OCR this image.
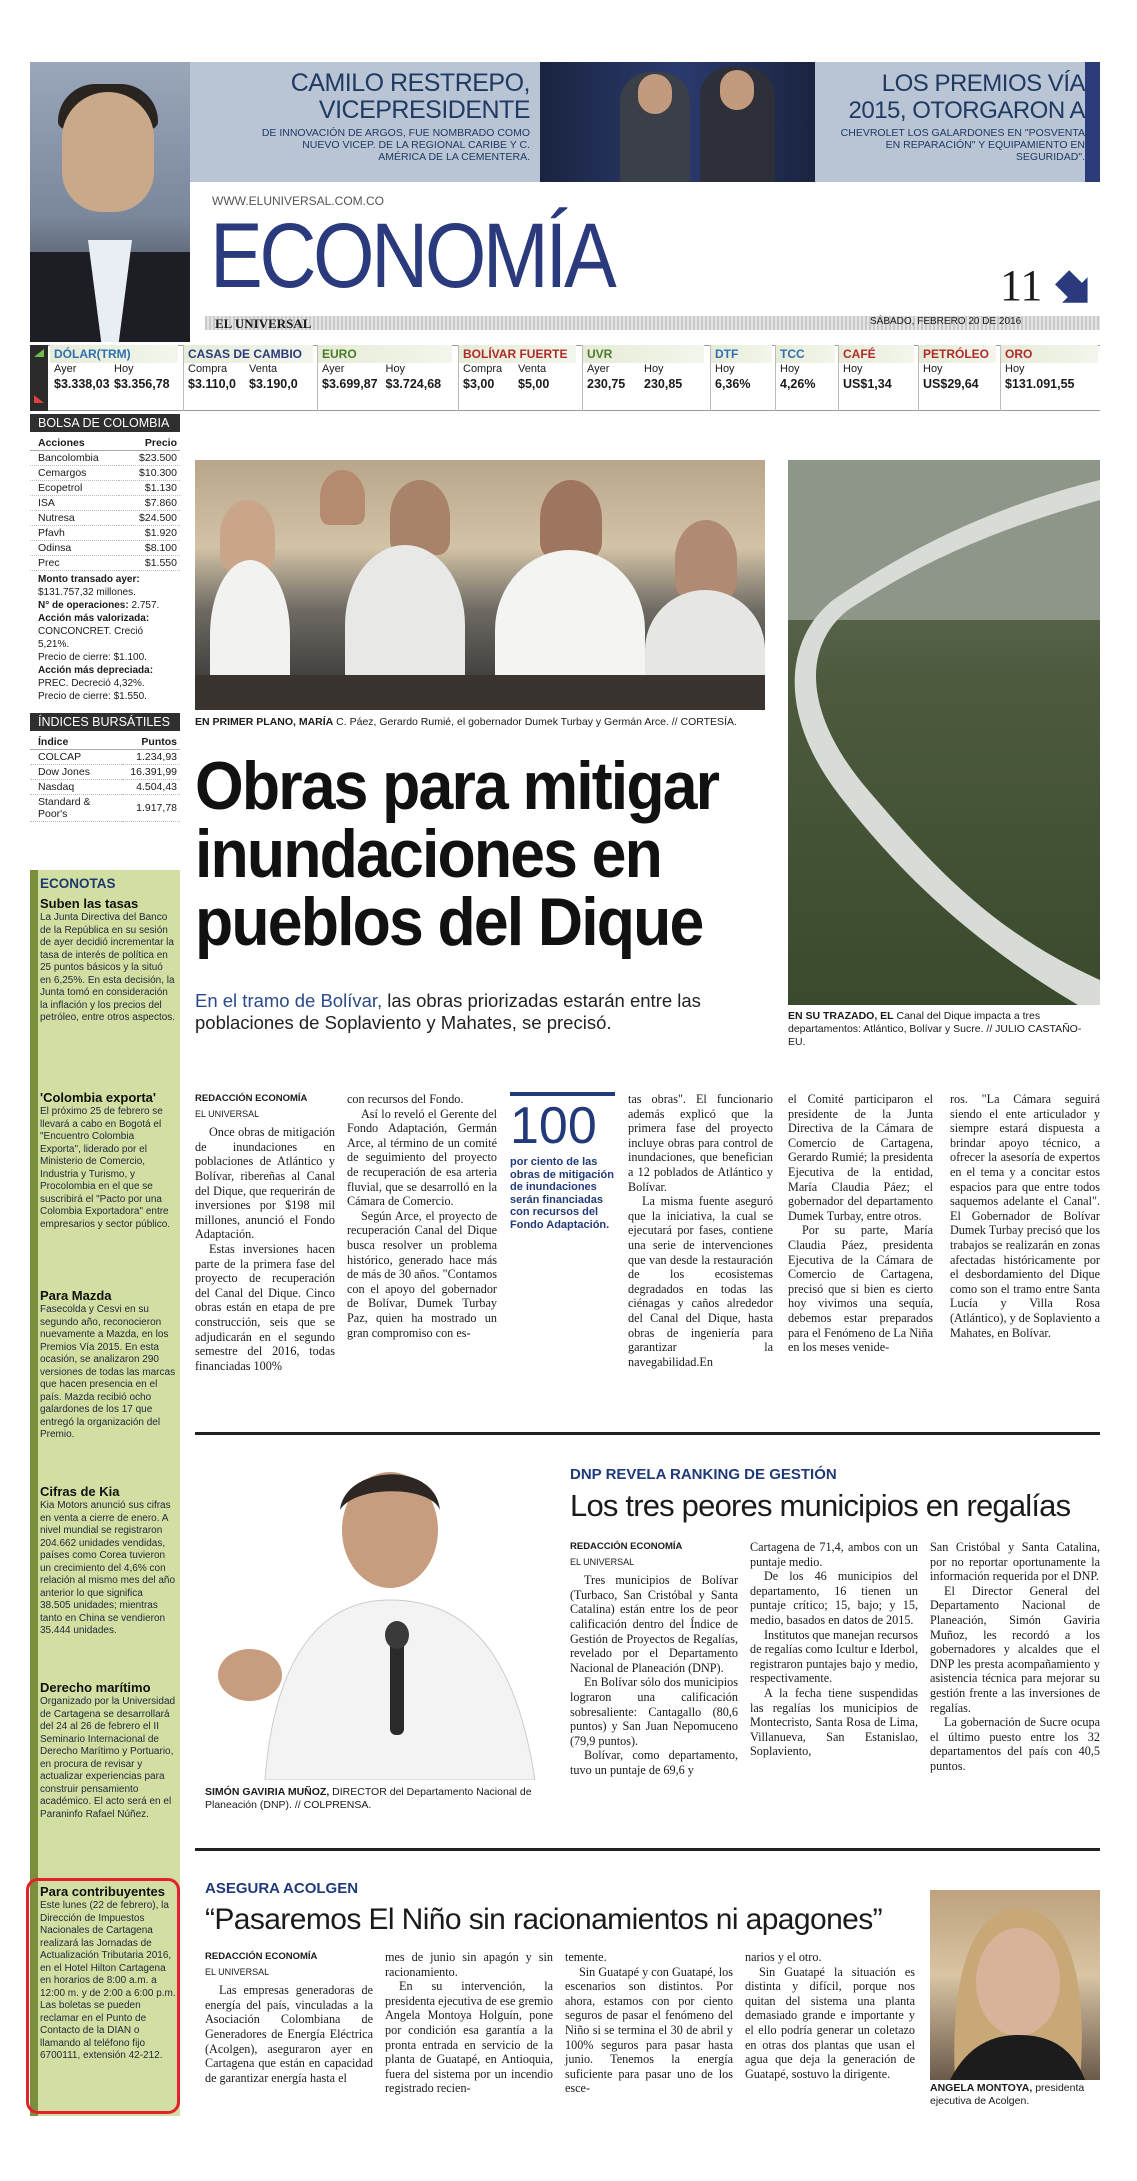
CAMILO RESTREPO, VICEPRESIDENTE
DE INNOVACIÓN DE ARGOS, FUE NOMBRADO COMO NUEVO VICEP. DE LA REGIONAL CARIBE Y C. AMÉRICA DE LA CEMENTERA.
LOS PREMIOS VÍA 2015, OTORGARON A
CHEVROLET LOS GALARDONES EN "POSVENTA EN REPARACIÓN" Y EQUIPAMIENTO EN SEGURIDAD".
WWW.ELUNIVERSAL.COM.CO
ECONOMÍA
EL UNIVERSAL	SÁBADO, FEBRERO 20 DE 2016
11
DÓLAR(TRM)
Ayer	Hoy
$3.338,03 $3.356,78
CASAS DE CAMBIO
Compra	Venta
$3.110,0	$3.190,0
EURO
Ayer	Hoy
$3.699,87 $3.724,68
BOLÍVAR FUERTE
Compra	Venta
$3,00	$5,00
UVR
Ayer	Hoy
230,75	230,85
DTF
Hoy
6,36%
TCC
Hoy
4,26%
CAFÉ
Hoy
US$1,34
PETRÓLEO
Hoy
US$29,64
ORO
Hoy
$131.091,55
BOLSA DE COLOMBIA
Acciones	Precio
Bancolombia	$23.500
Cemargos	$10.300
Ecopetrol	$1.130
ISA	$7.860
Nutresa	$24.500
Pfavh	$1.920
Odinsa	$8.100
Prec	$1.550
Monto transado ayer:
$131.757,32 millones.
N° de operaciones: 2.757.
Acción más valorizada:
CONCONCRET. Creció 5,21%.
Precio de cierre: $1.100.
Acción más depreciada:
PREC. Decreció 4,32%.
Precio de cierre: $1.550.
ÍNDICES BURSÁTILES
Índice	Puntos
COLCAP	1.234,93
Dow Jones	16.391,99
Nasdaq	4.504,43
Standard & Poor's	1.917,78
ECONOTAS
Suben las tasas
La Junta Directiva del Banco de la República en su sesión de ayer decidió incrementar la tasa de interés de política en 25 puntos básicos y la situó en 6,25%. En esta decisión, la Junta tomó en consideración la inflación y los precios del petróleo, entre otros aspectos.
'Colombia exporta'
El próximo 25 de febrero se llevará a cabo en Bogotá el "Encuentro Colombia Exporta", liderado por el Ministerio de Comercio, Industria y Turismo, y Procolombia en el que se suscribirá el "Pacto por una Colombia Exportadora" entre empresarios y sector público.
Para Mazda
Fasecolda y Cesvi en su segundo año, reconocieron nuevamente a Mazda, en los Premios Vía 2015. En esta ocasión, se analizaron 290 versiones de todas las marcas que hacen presencia en el país. Mazda recibió ocho galardones de los 17 que entregó la organización del Premio.
Cifras de Kia
Kia Motors anunció sus cifras en venta a cierre de enero. A nivel mundial se registraron 204.662 unidades vendidas, países como Corea tuvieron un crecimiento del 4,6% con relación al mismo mes del año anterior lo que significa 38.505 unidades; mientras tanto en China se vendieron 35.444 unidades.
Derecho marítimo
Organizado por la Universidad de Cartagena se desarrollará del 24 al 26 de febrero el II Seminario Internacional de Derecho Marítimo y Portuario, en procura de revisar y actualizar experiencias para construir pensamiento académico. El acto será en el Paraninfo Rafael Núñez.
Para contribuyentes
Este lunes (22 de febrero), la Dirección de Impuestos Nacionales de Cartagena realizará las Jornadas de Actualización Tributaria 2016, en el Hotel Hilton Cartagena en horarios de 8:00 a.m. a 12:00 m. y de 2:00 a 6:00 p.m. Las boletas se pueden reclamar en el Punto de Contacto de la DIAN o llamando al teléfono fijo 6700111, extensión 42-212.
EN PRIMER PLANO, MARÍA C. Páez, Gerardo Rumié, el gobernador Dumek Turbay y Germán Arce. // CORTESÍA.
EN SU TRAZADO, EL Canal del Dique impacta a tres departamentos: Atlántico, Bolívar y Sucre. // JULIO CASTAÑO- EU.
Obras para mitigar inundaciones en pueblos del Dique
En el tramo de Bolívar, las obras priorizadas estarán entre las poblaciones de Soplaviento y Mahates, se precisó.
REDACCIÓN ECONOMÍA
EL UNIVERSAL

Once obras de mitigación de inundaciones en poblaciones de Atlántico y Bolívar, ribereñas al Canal del Dique, que requerirán de inversiones por $198 mil millones, anunció el Fondo Adaptación.

Estas inversiones hacen parte de la primera fase del proyecto de recuperación del Canal del Dique. Cinco obras están en etapa de pre construcción, seis que se adjudicarán en el segundo semestre del 2016, todas financiadas 100%

con recursos del Fondo.

Así lo reveló el Gerente del Fondo Adaptación, Germán Arce, al término de un comité de seguimiento del proyecto de recuperación de esa arteria fluvial, que se desarrolló en la Cámara de Comercio.

Según Arce, el proyecto de recuperación Canal del Dique busca resolver un problema histórico, generado hace más de más de 30 años. "Contamos con el apoyo del gobernador de Bolívar, Dumek Turbay Paz, quien ha mostrado un gran compromiso con es-

100
por ciento de las obras de mitigación de inundaciones serán financiadas con recursos del Fondo Adaptación.

tas obras". El funcionario además explicó que la primera fase del proyecto incluye obras para control de inundaciones, que benefician a 12 poblados de Atlántico y Bolívar.

La misma fuente aseguró que la iniciativa, la cual se ejecutará por fases, contiene una serie de intervenciones que van desde la restauración de los ecosistemas degradados en todas las ciénagas y caños alrededor del Canal del Dique, hasta obras de ingeniería para garantizar la navegabilidad.En

el Comité participaron el presidente de la Junta Directiva de la Cámara de Comercio de Cartagena, Gerardo Rumié; la presidenta Ejecutiva de la entidad, María Claudia Páez; el gobernador del departamento Dumek Turbay, entre otros.

Por su parte, María Claudia Páez, presidenta Ejecutiva de la Cámara de Comercio de Cartagena, precisó que si bien es cierto hoy vivimos una sequía, debemos estar preparados para el Fenómeno de La Niña en los meses venide-

ros. "La Cámara seguirá siendo el ente articulador y siempre estará dispuesta a brindar apoyo técnico, a ofrecer la asesoría de expertos en el tema y a concitar estos espacios para que entre todos saquemos adelante el Canal". El Gobernador de Bolívar Dumek Turbay precisó que los trabajos se realizarán en zonas afectadas históricamente por el desbordamiento del Dique como son el tramo entre Santa Lucía y Villa Rosa (Atlántico), y de Soplaviento a Mahates, en Bolívar.

SIMÓN GAVIRIA MUÑOZ, DIRECTOR del Departamento Nacional de Planeación (DNP). // COLPRENSA.
DNP REVELA RANKING DE GESTIÓN
Los tres peores municipios en regalías
REDACCIÓN ECONOMÍA
EL UNIVERSAL

Tres municipios de Bolívar (Turbaco, San Cristóbal y Santa Catalina) están entre los de peor calificación dentro del Índice de Gestión de Proyectos de Regalías, revelado por el Departamento Nacional de Planeación (DNP).

En Bolívar sólo dos municipios lograron una calificación sobresaliente: Cantagallo (80,6 puntos) y San Juan Nepomuceno (79,9 puntos).

Bolívar, como departamento, tuvo un puntaje de 69,6 y

Cartagena de 71,4, ambos con un puntaje medio.

De los 46 municipios del departamento, 16 tienen un puntaje crítico; 15, bajo; y 15, medio, basados en datos de 2015.

Institutos que manejan recursos de regalías como Icultur e Iderbol, registraron puntajes bajo y medio, respectivamente.

A la fecha tiene suspendidas las regalías los municipios de Montecristo, Santa Rosa de Lima, Villanueva, San Estanislao, Soplaviento,

San Cristóbal y Santa Catalina, por no reportar oportunamente la información requerida por el DNP.

El Director General del Departamento Nacional de Planeación, Simón Gaviria Muñoz, les recordó a los gobernadores y alcaldes que el DNP les presta acompañamiento y asistencia técnica para mejorar su gestión frente a las inversiones de regalías.

La gobernación de Sucre ocupa el último puesto entre los 32 departamentos del país con 40,5 puntos.

ASEGURA ACOLGEN
“Pasaremos El Niño sin racionamientos ni apagones”
REDACCIÓN ECONOMÍA
EL UNIVERSAL

Las empresas generadoras de energía del país, vinculadas a la Asociación Colombiana de Generadores de Energía Eléctrica (Acolgen), aseguraron ayer en Cartagena que están en capacidad de garantizar energía hasta el

mes de junio sin apagón y sin racionamiento.

En su intervención, la presidenta ejecutiva de ese gremio Angela Montoya Holguín, pone por condición esa garantía a la pronta entrada en servicio de la planta de Guatapé, en Antioquia, fuera del sistema por un incendio registrado recien-

temente.

Sin Guatapé y con Guatapé, los escenarios son distintos. Por ahora, estamos con por ciento seguros de pasar el fenómeno del Niño si se termina el 30 de abril y 100% seguros para pasar hasta junio. Tenemos la energía suficiente para pasar uno de los esce-

narios y el otro.

Sin Guatapé la situación es distinta y difícil, porque nos quitan del sistema una planta demasiado grande e importante y el ello podría generar un coletazo en otras dos plantas que usan el agua que deja la generación de Guatapé, sostuvo la dirigente.

ANGELA MONTOYA, presidenta ejecutiva de Acolgen.
